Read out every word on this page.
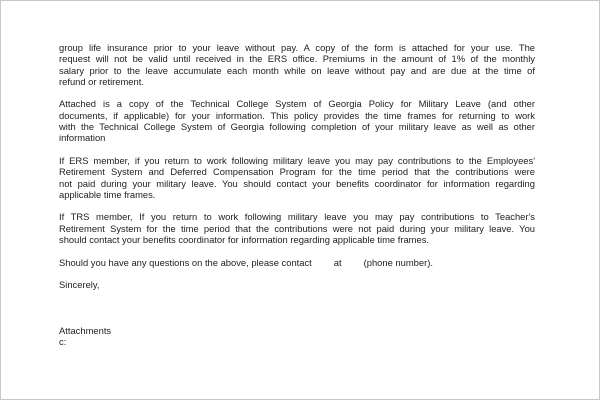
group life insurance prior to your leave without pay. A copy of the form is attached for your use. The
request will not be valid until received in the ERS office. Premiums in the amount of 1% of the monthly
salary prior to the leave accumulate each month while on leave without pay and are due at the time of
refund or retirement.

Attached is a copy of the Technical College System of Georgia Policy for Military Leave (and other
documents, if applicable) for your information. This policy provides the time frames for returning to work
with the Technical College System of Georgia following completion of your military leave as well as other
information

If ERS member, if you return to work following military leave you may pay contributions to the Employees'
Retirement System and Deferred Compensation Program for the time period that the contributions were
not paid during your military leave. You should contact your benefits coordinator for information regarding
applicable time frames.

If TRS member, If you return to work following military leave you may pay contributions to Teacher's
Retirement System for the time period that the contributions were not paid during your military leave. You
should contact your benefits coordinator for information regarding applicable time frames.

Should you have any questions on the above, please contact at (phone number).
Sincerely,
Attachments
c:
